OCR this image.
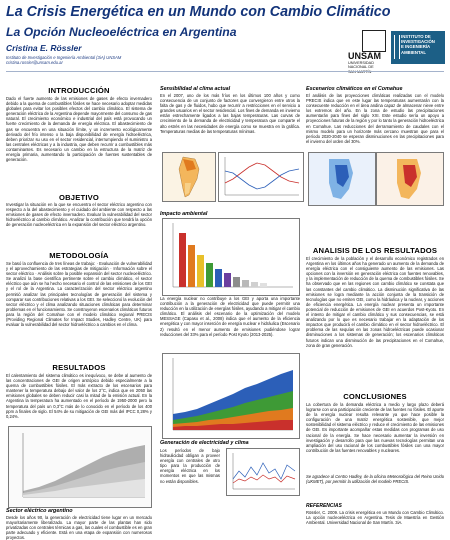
La Crisis Energética en un Mundo con Cambio Climático
La Opción Nucleoeléctrica en Argentina
Cristina E. Rössler
Instituto de Investigación e Ingeniería Ambiental (3iA) UNSAM
cristina.rossler@unsam.edu.ar
UNSAM
UNIVERSIDAD
NACIONAL DE
INSTITUTO DE
INVESTIGACIÓN
E INGENIERÍA
AMBIENTAL
INTRODUCCIÓN
Dado el fuerte aumento de las emisiones de gases de efecto invernadero debido a la quema de combustibles fósiles se hace necesario adoptar medidas globales para evitar los posibles efectos del cambio climático. El sistema de generación eléctrica de la Argentina depende mayormente del consumo de gas natural. El crecimiento económico e industrial del país está provocando un fuerte crecimiento de la demanda de energía eléctrica. El abastecimiento de gas se encuentra en una situación límite, y un incremento ecológicamente derivado del frío intenso o la baja disponibilidad de energía hidroeléctrica, deben priorizar su uso en el sector residencial, interrumpiendo el suministro a las centrales eléctricas y a la industria, que deben recurrir a combustibles más contaminantes. Es necesario un cambio en la estructura de la matriz de energía primaria, aumentando la participación de fuentes sustentables de generación.
OBJETIVO
Investigar la situación en la que se encuentra el sector eléctrico argentino con respecto a la del abastecimiento y el cuidado del ambiente con respecto a las emisiones de gases de efecto invernadero. Evaluar la vulnerabilidad del sector hidroeléctrico al cambio climático. Analizar la contribución que tendrá la opción de generación nucleoeléctrica en la expansión del sector eléctrico argentino.
METODOLOGÍA
Se basó la confluencia de tres líneas de trabajo: · Evaluación de vulnerabilidad y el aprovechamiento de las estrategias de mitigación · Información sobre el sector eléctrico · Análisis sobre la posible expansión del sector nucleoeléctrico. Se analizó la base científica pertinente sobre el cambio climático, el sector eléctrico que aún se ha hecho necesario el control de las emisiones de los GEI y el rol de la Argentina. La caracterización del sector eléctrico argentino permitió analizar las principales tecnologías de generación del sistema y comparar sus contribuciones relativas a los GEI. Se seleccionó la evolución del sector eléctrico y el clima analizando situaciones climáticas para determinar problemas en el funcionamiento. Se construyeron escenarios climáticos futuros para la región del Comahue con el modelo climático regional PRECIS (Providing Regional Climates for Impact Studies, Hadley Centre, UK) para evaluar la vulnerabilidad del sector hidroeléctrico a cambios en el clima.
RESULTADOS
El calentamiento del sistema climático es inequívoco, se debe al aumento de las concentraciones de GEI de origen antrópico debido especialmente a la quema de combustibles fósiles. El más extracto de los escenarios para mantener la temperatura debajo del valor de los 2°C, indica que en 2050 las emisiones globales se deben reducir casi la mitad de la emisión actual. En la Argentina la temperatura ha aumentado en el período de 1950-2000 pero la temperatura del país un 0,3°C más de lo conocido en el período de los 400 ppm a finales de siglo. El 54% de su mitigación de GEI más del IPCC 0,28% y 0,24%.
Sector eléctrico argentino
Desde los años 90, la generación de electricidad tiene lugar en un mercado mayoritariamente liberalizado. La mayor parte de las plantas han sido privatizadas con centrales térmicas a gas, las cuales el combustible es en gran parte adecuado y eficiente. Está en una etapa de expansión con numerosos proyectos.
Sensibilidad al clima actual
En el 2007, uno de los más fríos en los últimos 100 años y como consecuencia de un conjunto de factores que convergieron entre otros la falta de gas y de fluidos, hubo que recurrir a restricciones en el servicio a grandes usuarios en el sector residencial. Los fines de demanda en invierno están estrechamente ligados a las bajas temperaturas. Las curvas de crecimiento de la demanda de electricidad y temperatura que comparte el alto estrés en las necesidades de energía como se muestra en la gráfica. Temperaturas medias de las temperaturas mínimas.
Impacto ambiental
La energía nuclear no contribuye a los GEI y aporta una importante contribución a la generación de electricidad que puede permitir una reducción en la utilización de energías fósiles, ayudando a mitigar el cambio climático. El análisis del escenario de la optimización del modelo MESSAGE (Capaso et al., 2008) indica que el aumento de la eficiencia energética y con mayor inserción de energía nuclear e hidráulica (Escenario 2) resultó en el menor aumento de emisiones pudiéndose lograr reducciones del 33% para el período Post Kyoto (2013-2025).
Generación de electricidad y clima
Los períodos de bajo hidraulicidad obligan a proveer energía con centrales de otro tipo para la producción de energía eléctrica en los momentos en que las mismas no están disponibles.
Escenarios climáticos en el Comahue
El análisis de las proyecciones climáticas realizadas con el modelo PRECIS indica que en este lugar las temperaturas aumentarán con la consecuente reducción en el área andina capaz de almacenar nieve entre los extremos del año. En la zona de estudio las precipitaciones aumentarán para fines del siglo XXI. Este estudio sería un apoyo a proyecciones futuras de la región y por lo tanto la generación hidroeléctrica en Comahue. Las reducciones del derramamiento de caudales con el mismo modelo para un horizonte más cercano muestran que para el período 2020-2040 se esperan disminuciones en las precipitaciones para el invierno del orden del 30%.
ANALISIS DE LOS RESULTADOS
El crecimiento de la población y el desarrollo económico registrados en Argentina en los últimos años ha generado un aumento de la demanda de energía eléctrica con el consiguiente aumento de las emisiones. Las opciones con la inversión en generación eléctrica con fuentes renovables, y la implementación de reducción de la quema de combustibles fósiles. Se ha observado que en las regiones con cambio climático se constata que las constantes del cambio climático. La disminución significativa de las emisiones se logra mediante la acción conjunta de la transición de tecnologías que no emiten GEI, como la hidráulica y la nuclear, y acciones de eficiencia energética. La energía nuclear presenta un importante potencial de reducción de emisiones de GEI en acuerdos Post-Kyoto. En el intento de mitigar el cambio climático y sus consecuencias, se está analizando por lo que es necesario trabajar en la adaptación de los impactos que producirá el cambio climático en el sector hidroeléctrico. El problema de las sequías en las zonas hidroeléctricas puede ocasionar disminuciones a los sistemas de generación; los escenarios climáticos futuros indican una disminución de las precipitaciones en el Comahue, zona de gran generación.
CONCLUSIONES
La cobertura de la demanda eléctrica a medio y largo plazo deberá lograrse con una participación creciente de las fuentes no fósiles. El aporte de la energía nuclear resulta relevante ya que hace posible la configuración de una matriz energética sostenible, que mejor sostenibilidad el sistema eléctrico y reduce el crecimiento de las emisiones de GEI. Es importante acompañar estas medidas con programas de uso racional de la energía. Se hace necesario aumentar la inversión en investigación y desarrollo para que las nuevas tecnologías permitan una ampliación del uso racional de los combustibles fósiles con una mayor contribución de las fuentes renovables y nucleares.
Se agradece al Centro Hadley, de la oficina Meteorológica del Reino Unido (UKMET), por permitir la utilización del modelo PRECIS.
REFERENCIAS
Rössler, C. 2009. La crisis energética en un Mundo con Cambio Climático. La opción nucleoeléctrica en Argentina. Tesis de Maestría en Gestión Ambiental. Universidad Nacional de San Martín. 3iA.
